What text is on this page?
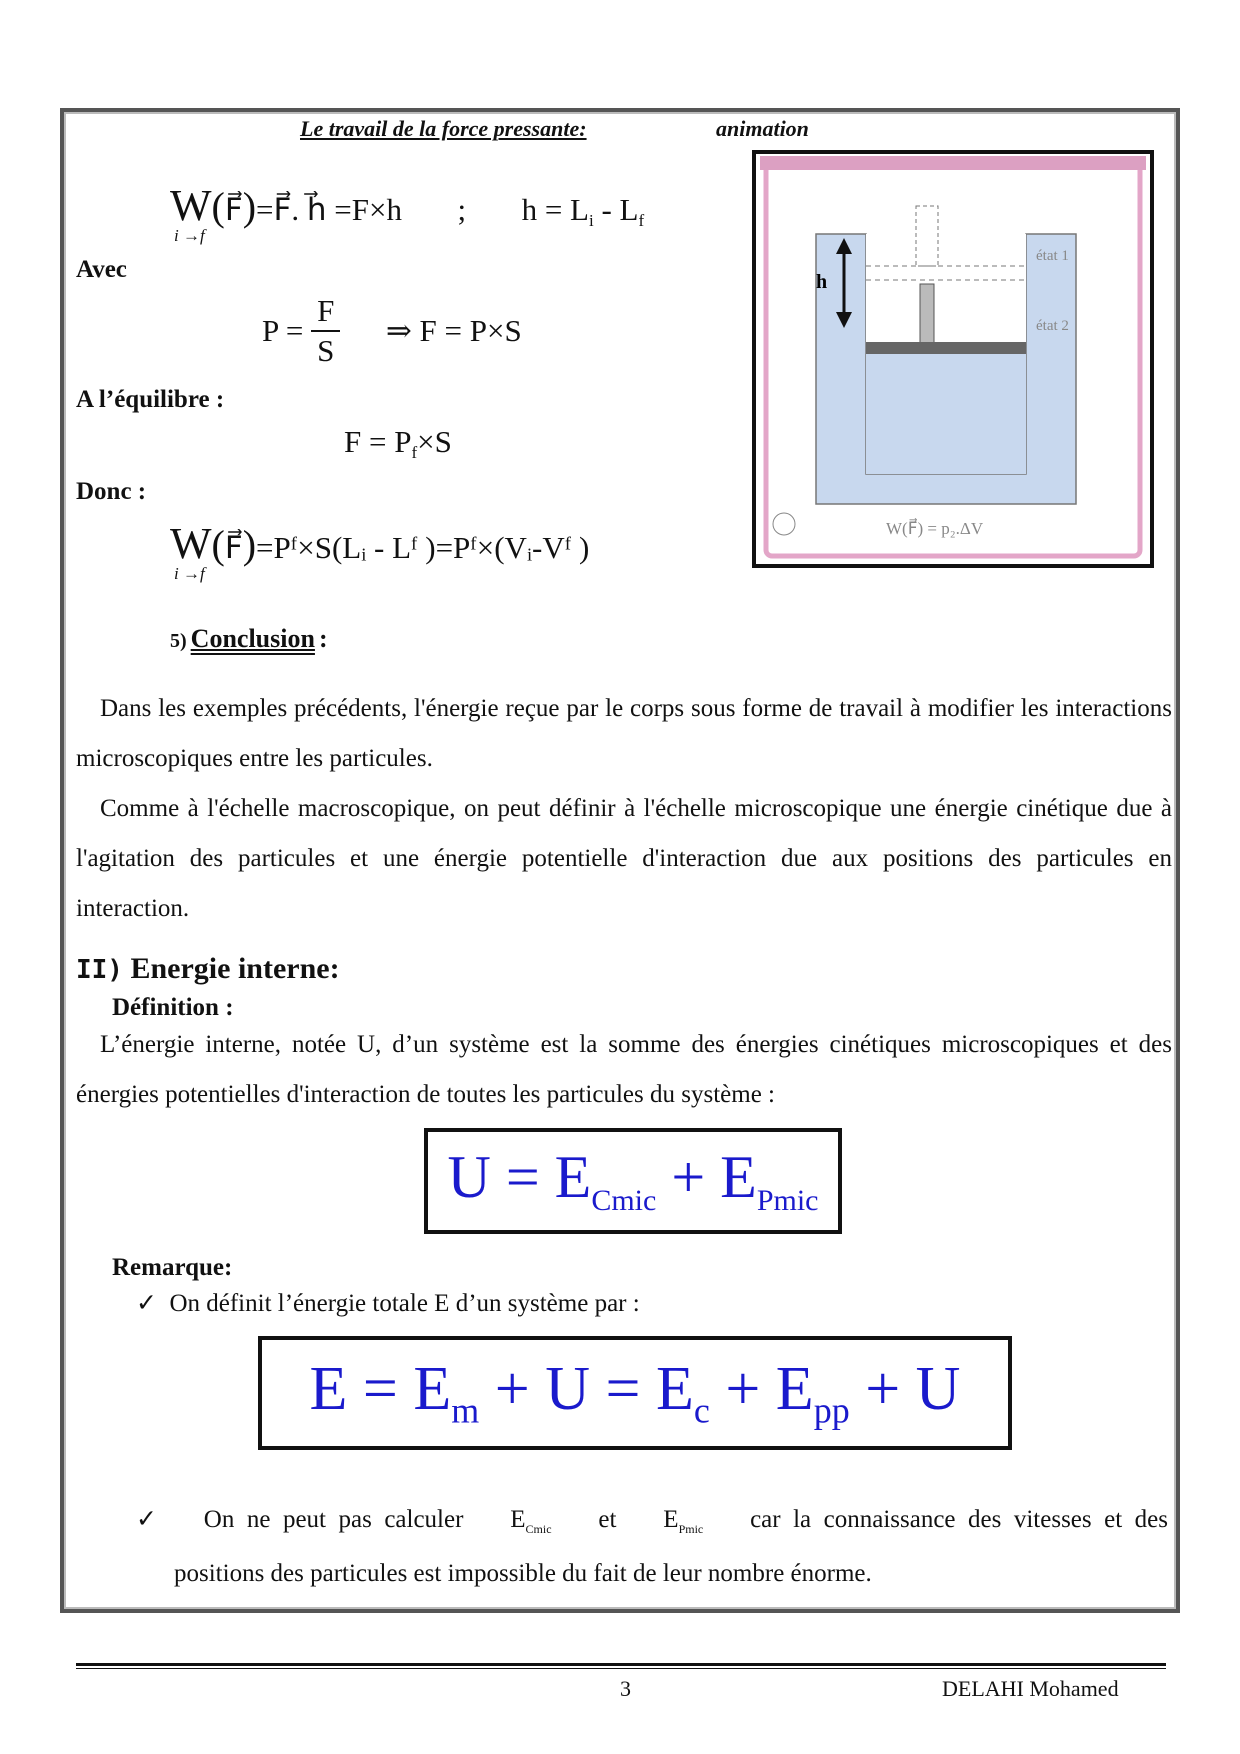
Le travail de la force pressante:	animation
W(F⃗)=F⃗. h⃗ =F×h ; $h = L_i - L_f$
i →f
Avec
$P = \frac{F}{S}$ ⇒ F = P×S
A l’équilibre :
$F = P_f\times S$
Donc :
W(F⃗)=Pᶠ×S(Lᵢ - Lᶠ )=Pᶠ×(Vᵢ-Vᶠ )
i →f
h
état 1
état 2
W(F⃗) = p₂.ΔV
5) Conclusion :
Dans les exemples précédents, l'énergie reçue par le corps sous forme de travail à modifier les interactions microscopiques entre les particules.
Comme à l'échelle macroscopique, on peut définir à l'échelle microscopique une énergie cinétique due à l'agitation des particules et une énergie potentielle d'interaction due aux positions des particules en interaction.
II) Energie interne:
Définition :
L’énergie interne, notée U, d’un système est la somme des énergies cinétiques microscopiques et des énergies potentielles d'interaction de toutes les particules du système :
$U = E_{Cmic} + E_{Pmic}$
Remarque:
✓ On définit l’énergie totale E d’un système par :
$E = E_m + U = E_c + E_{pp} + U$
✓ On  ne  peut  pas  calculer $E_{Cmic}$ et $E_{Pmic}$ car  la  connaissance  des  vitesses  et  des
positions des particules est impossible du fait de leur nombre énorme.
3	DELAHI Mohamed
